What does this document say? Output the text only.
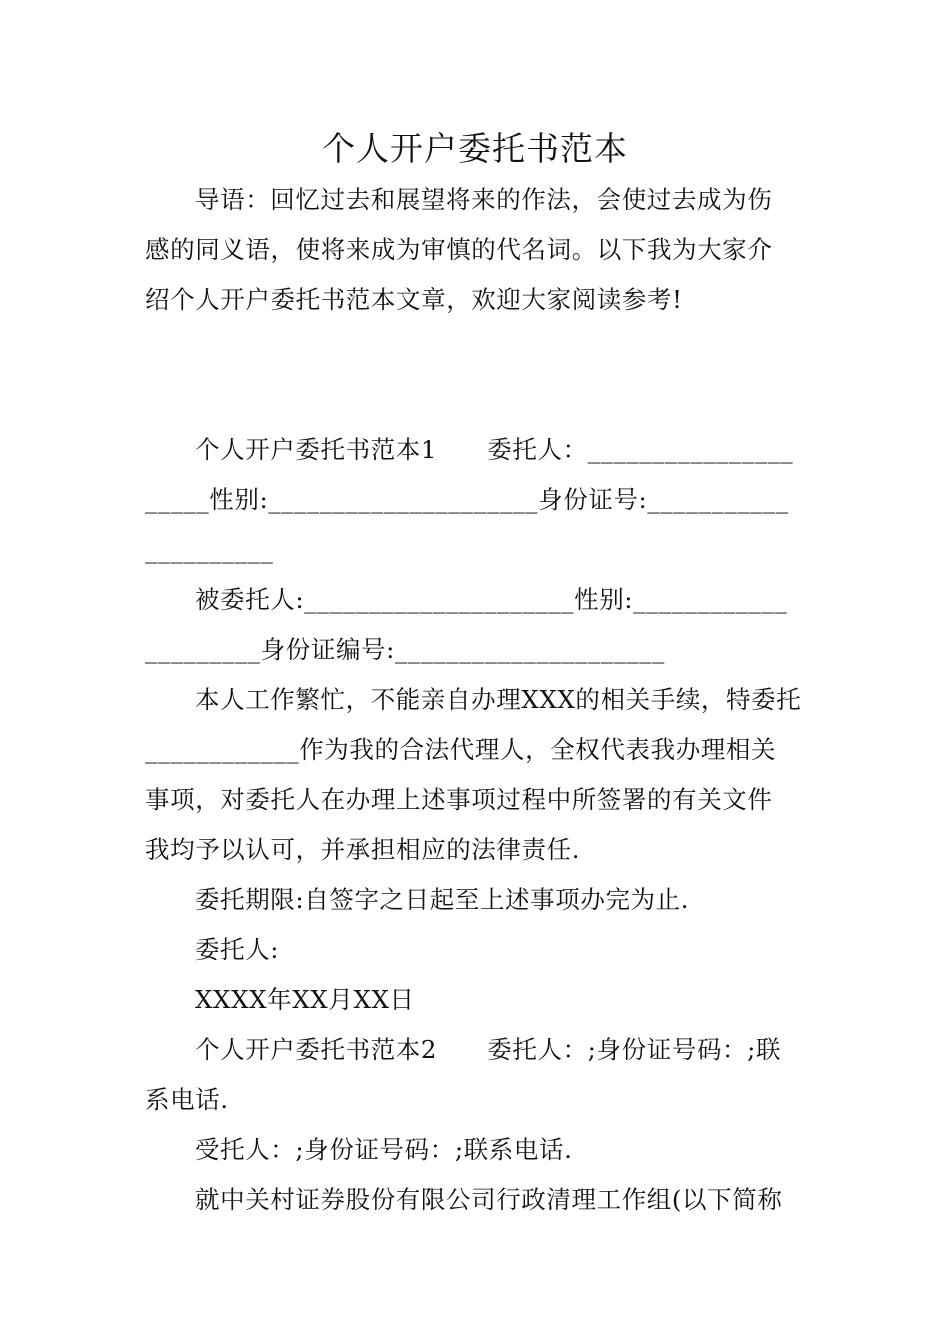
个人开户委托书范本
导语：回忆过去和展望将来的作法，会使过去成为伤
感的同义语，使将来成为审慎的代名词。以下我为大家介
绍个人开户委托书范本文章，欢迎大家阅读参考!
个人开户委托书范本1　　委托人：________________
_____性别:_____________________身份证号:___________
__________
被委托人:_____________________性别:____________
_________身份证编号:_____________________
本人工作繁忙，不能亲自办理XXX的相关手续，特委托
____________作为我的合法代理人，全权代表我办理相关
事项，对委托人在办理上述事项过程中所签署的有关文件
我均予以认可，并承担相应的法律责任.
委托期限:自签字之日起至上述事项办完为止.
委托人:
XXXX年XX月XX日
个人开户委托书范本2　　委托人：;身份证号码：;联
系电话.
受托人：;身份证号码：;联系电话.
就中关村证券股份有限公司行政清理工作组(以下简称
